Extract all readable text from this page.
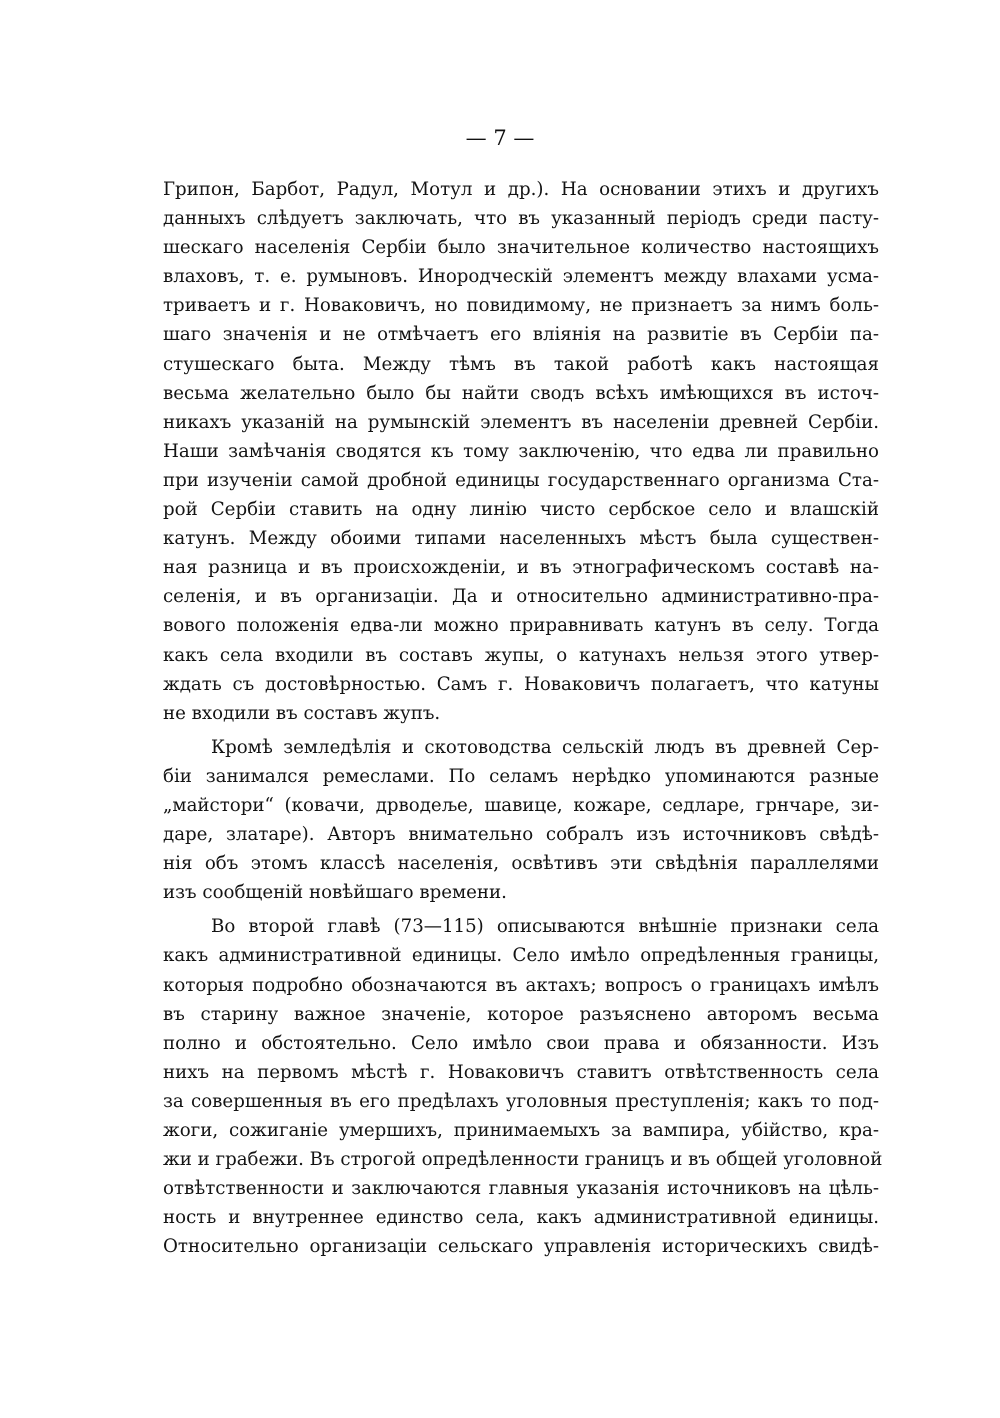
— 7 —
Грипон, Барбот, Радул, Мотул и др.). На основании этихъ и другихъ
данныхъ слѣдуетъ заключать, что въ указанный періодъ среди пасту-
шескаго населенія Сербіи было значительное количество настоящихъ
влаховъ, т. е. румыновъ. Инородческій элементъ между влахами усма-
триваетъ и г. Новаковичъ, но повидимому, не признаетъ за нимъ боль-
шаго значенія и не отмѣчаетъ его вліянія на развитіе въ Сербіи па-
стушескаго быта. Между тѣмъ въ такой работѣ какъ настоящая
весьма желательно было бы найти сводъ всѣхъ имѣющихся въ источ-
никахъ указаній на румынскій элементъ въ населеніи древней Сербіи.
Наши замѣчанія сводятся къ тому заключенію, что едва ли правильно
при изученіи самой дробной единицы государственнаго организма Ста-
рой Сербіи ставить на одну линію чисто сербское село и влашскій
катунъ. Между обоими типами населенныхъ мѣстъ была существен-
ная разница и въ происхожденіи, и въ этнографическомъ составѣ на-
селенія, и въ организаціи. Да и относительно административно-пра-
вового положенія едва-ли можно приравнивать катунъ въ селу. Тогда
какъ села входили въ составъ жупы, о катунахъ нельзя этого утвер-
ждать съ достовѣрностью. Самъ г. Новаковичъ полагаетъ, что катуны
не входили въ составъ жупъ.
Кромѣ земледѣлія и скотоводства сельскій людъ въ древней Сер-
біи занимался ремеслами. По селамъ нерѣдко упоминаются разные
„майстори“ (ковачи, дрводеље, шавице, кожаре, седларе, грнчаре, зи-
даре, златаре). Авторъ внимательно собралъ изъ источниковъ свѣдѣ-
нія объ этомъ классѣ населенія, освѣтивъ эти свѣдѣнія параллелями
изъ сообщеній новѣйшаго времени.
Во второй главѣ (73—115) описываются внѣшніе признаки села
какъ административной единицы. Село имѣло опредѣленныя границы,
которыя подробно обозначаются въ актахъ; вопросъ о границахъ имѣлъ
въ старину важное значеніе, которое разъяснено авторомъ весьма
полно и обстоятельно. Село имѣло свои права и обязанности. Изъ
нихъ на первомъ мѣстѣ г. Новаковичъ ставитъ отвѣтственность села
за совершенныя въ его предѣлахъ уголовныя преступленія; какъ то под-
жоги, сожиганіе умершихъ, принимаемыхъ за вампира, убійство, кра-
жи и грабежи. Въ строгой опредѣленности границъ и въ общей уголовной
отвѣтственности и заключаются главныя указанія источниковъ на цѣль-
ность и внутреннее единство села, какъ административной единицы.
Относительно организаціи сельскаго управленія историческихъ свидѣ-
